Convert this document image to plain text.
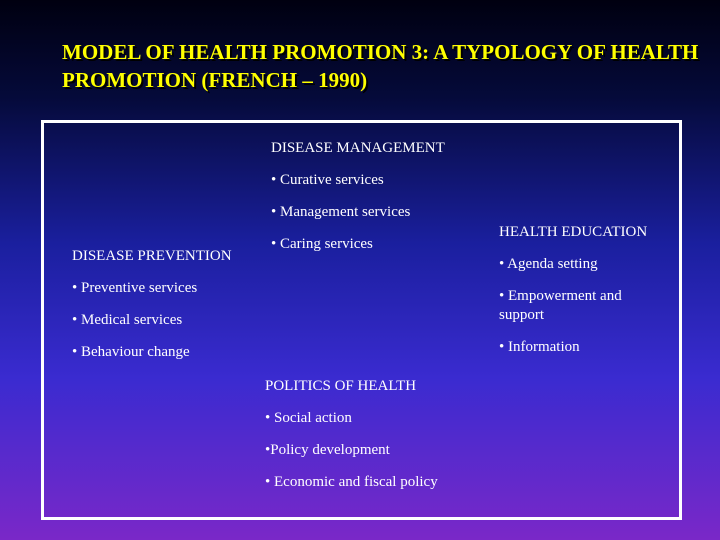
MODEL OF HEALTH PROMOTION 3: A TYPOLOGY OF HEALTH PROMOTION (FRENCH – 1990)
DISEASE MANAGEMENT
• Curative services
• Management services
• Caring services
DISEASE PREVENTION
• Preventive services
• Medical services
• Behaviour change
HEALTH EDUCATION
• Agenda setting
• Empowerment and support
• Information
POLITICS OF HEALTH
• Social action
•Policy development
• Economic and fiscal policy
